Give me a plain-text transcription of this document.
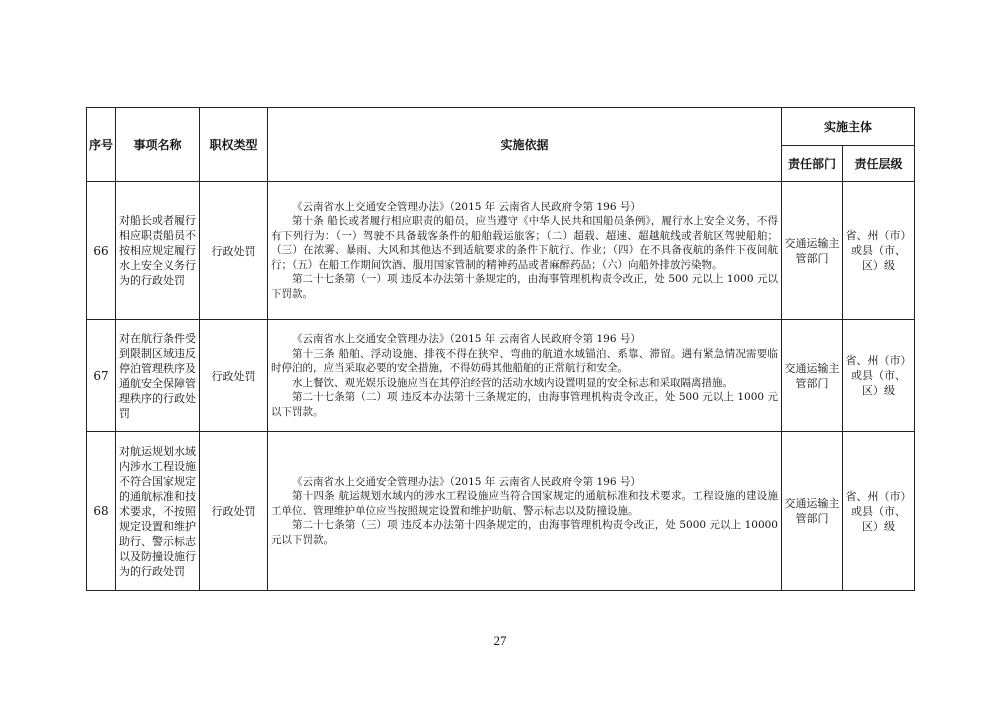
序号	事项名称	职权类型	实施依据	实施主体	
				责任部门	责任层级
66	对船长或者履行相应职责船员不按相应规定履行水上安全义务行为的行政处罚	行政处罚	《云南省水上交通安全管理办法》（2015 年 云南省人民政府令第 196 号）

第十条 船长或者履行相应职责的船员，应当遵守《中华人民共和国船员条例》，履行水上安全义务，不得有下列行为：（一）驾驶不具备载客条件的船舶载运旅客；（二）超载、超速、超越航线或者航区驾驶船舶；（三）在浓雾、暴雨、大风和其他达不到适航要求的条件下航行、作业；（四）在不具备夜航的条件下夜间航行；（五）在船工作期间饮酒、服用国家管制的精神药品或者麻醉药品；（六）向船外排放污染物。

第二十七条第（一）项 违反本办法第十条规定的，由海事管理机构责令改正，处 500 元以上 1000 元以下罚款。	交通运输主管部门	省、州（市）或县（市、区）级
67	对在航行条件受到限制区域违反停泊管理秩序及通航安全保障管理秩序的行政处罚	行政处罚	《云南省水上交通安全管理办法》（2015 年 云南省人民政府令第 196 号）

第十三条 船舶、浮动设施、排筏不得在狭窄、弯曲的航道水域锚泊、系靠、滞留。遇有紧急情况需要临时停泊的，应当采取必要的安全措施，不得妨碍其他船舶的正常航行和安全。

水上餐饮、观光娱乐设施应当在其停泊经营的活动水域内设置明显的安全标志和采取隔离措施。

第二十七条第（二）项 违反本办法第十三条规定的，由海事管理机构责令改正，处 500 元以上 1000 元以下罚款。	交通运输主管部门	省、州（市）或县（市、区）级
68	对航运规划水域内涉水工程设施不符合国家规定的通航标准和技术要求，不按照规定设置和维护助行、警示标志以及防撞设施行为的行政处罚	行政处罚	《云南省水上交通安全管理办法》（2015 年 云南省人民政府令第 196 号）

第十四条 航运规划水域内的涉水工程设施应当符合国家规定的通航标准和技术要求。工程设施的建设施工单位、管理维护单位应当按照规定设置和维护助航、警示标志以及防撞设施。

第二十七条第（三）项 违反本办法第十四条规定的，由海事管理机构责令改正，处 5000 元以上 10000 元以下罚款。	交通运输主管部门	省、州（市）或县（市、区）级
27
